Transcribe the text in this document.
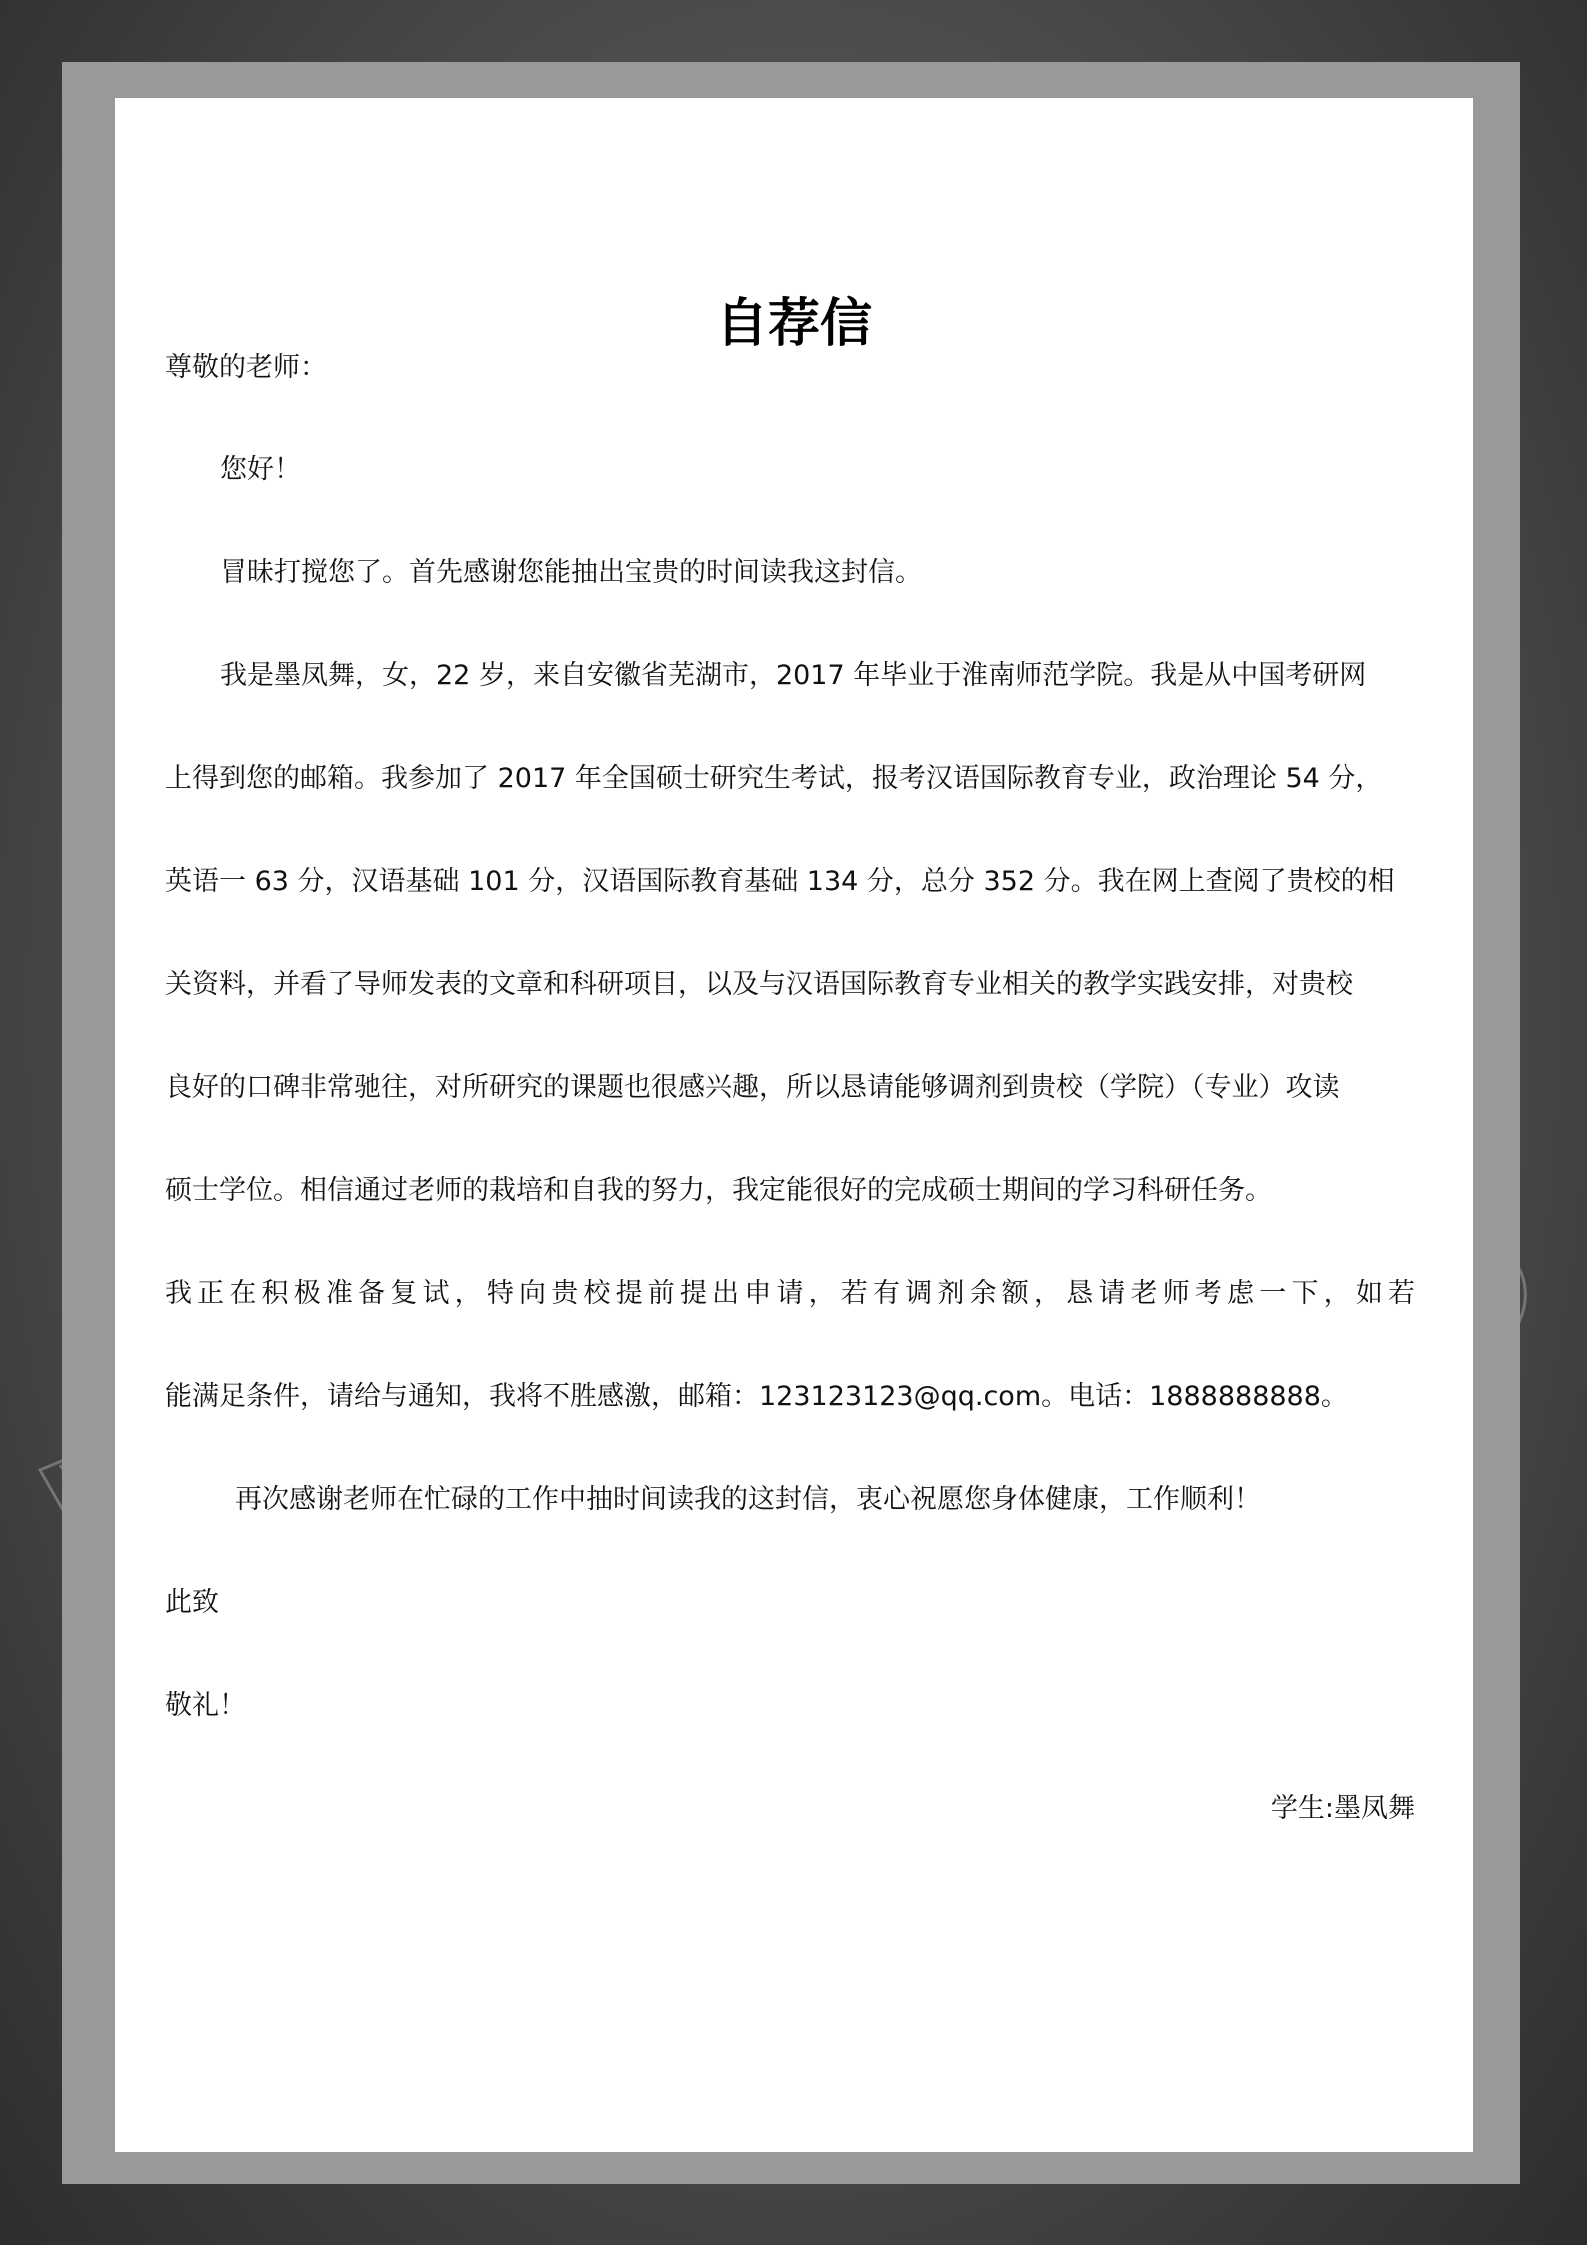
自荐信
尊敬的老师：
您好！
冒昧打搅您了。首先感谢您能抽出宝贵的时间读我这封信。
我是墨凤舞，女，22 岁，来自安徽省芜湖市，2017 年毕业于淮南师范学院。我是从中国考研网
上得到您的邮箱。我参加了 2017 年全国硕士研究生考试，报考汉语国际教育专业，政治理论 54 分，
英语一 63 分，汉语基础 101 分，汉语国际教育基础 134 分，总分 352 分。我在网上查阅了贵校的相
关资料，并看了导师发表的文章和科研项目，以及与汉语国际教育专业相关的教学实践安排，对贵校
良好的口碑非常驰往，对所研究的课题也很感兴趣，所以恳请能够调剂到贵校（学院）（专业）攻读
硕士学位。相信通过老师的栽培和自我的努力，我定能很好的完成硕士期间的学习科研任务。
我正在积极准备复试，特向贵校提前提出申请，若有调剂余额，恳请老师考虑一下，如若
能满足条件，请给与通知，我将不胜感激，邮箱：123123123@qq.com。电话：1888888888。
再次感谢老师在忙碌的工作中抽时间读我的这封信，衷心祝愿您身体健康，工作顺利！
此致
敬礼！
学生:墨凤舞
